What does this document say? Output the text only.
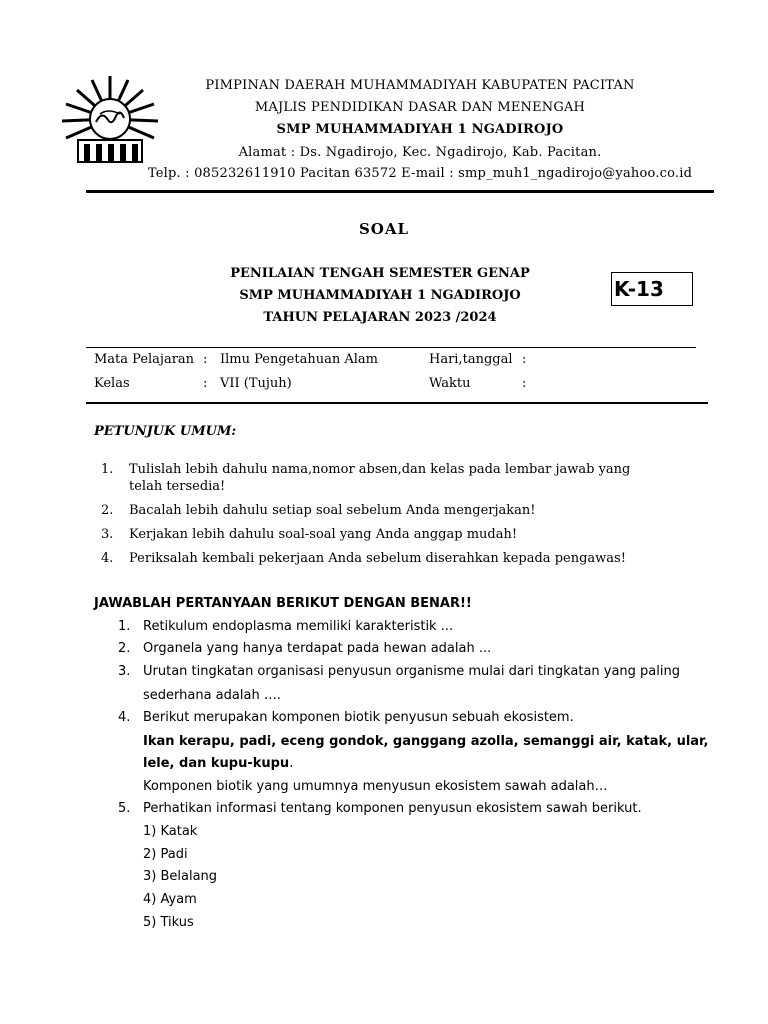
PIMPINAN DAERAH MUHAMMADIYAH KABUPATEN PACITAN
MAJLIS PENDIDIKAN DASAR DAN MENENGAH
SMP MUHAMMADIYAH 1 NGADIROJO
Alamat : Ds. Ngadirojo, Kec. Ngadirojo, Kab. Pacitan.
Telp. : 085232611910 Pacitan 63572 E-mail : smp_muh1_ngadirojo@yahoo.co.id
SOAL
PENILAIAN TENGAH SEMESTER GENAP
SMP MUHAMMADIYAH 1 NGADIROJO
TAHUN PELAJARAN 2023 /2024
K-13
Mata Pelajaran : Ilmu Pengetahuan Alam	Hari,tanggal :
Kelas	: VII (Tujuh)	Waktu	:
PETUNJUK UMUM:
1.	Tulislah lebih dahulu nama,nomor absen,dan kelas pada lembar jawab yang telah tersedia!
2.	Bacalah lebih dahulu setiap soal sebelum Anda mengerjakan!
3.	Kerjakan lebih dahulu soal-soal yang Anda anggap mudah!
4.	Periksalah kembali pekerjaan Anda sebelum diserahkan kepada pengawas!
JAWABLAH PERTANYAAN BERIKUT DENGAN BENAR!!
1. Retikulum endoplasma memiliki karakteristik ...
2. Organela yang hanya terdapat pada hewan adalah ...
3. Urutan tingkatan organisasi penyusun organisme mulai dari tingkatan yang paling
sederhana adalah ….
4. Berikut merupakan komponen biotik penyusun sebuah ekosistem.
Ikan kerapu, padi, eceng gondok, ganggang azolla, semanggi air, katak, ular,
lele, dan kupu-kupu.
Komponen biotik yang umumnya menyusun ekosistem sawah adalah…
5. Perhatikan informasi tentang komponen penyusun ekosistem sawah berikut.
1) Katak
2) Padi
3) Belalang
4) Ayam
5) Tikus
